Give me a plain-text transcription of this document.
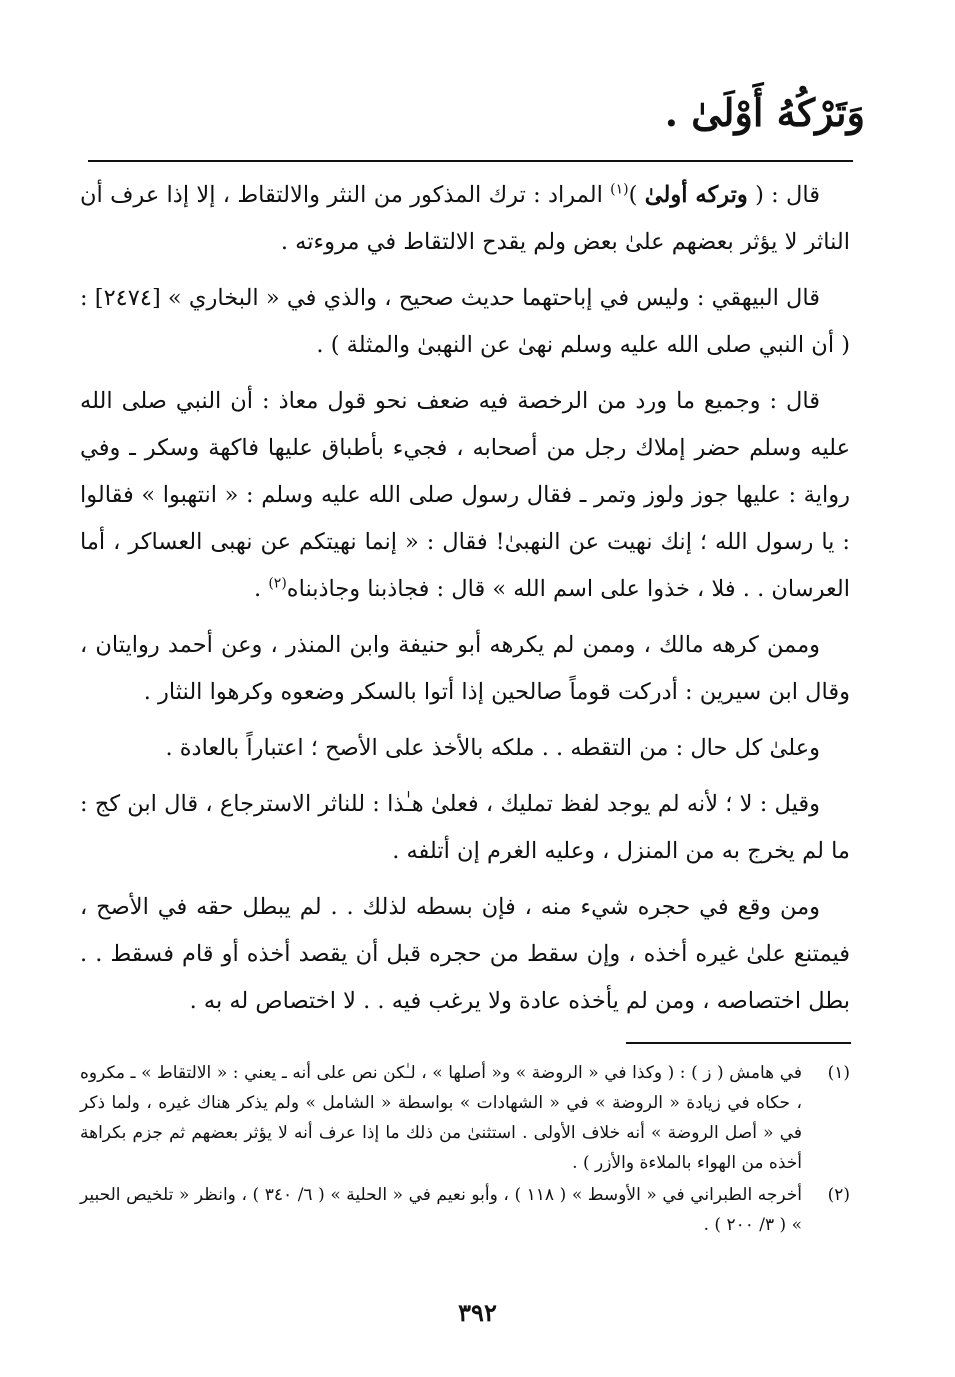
وَتَرْكُهُ أَوْلَىٰ .

قال : ( وتركه أولىٰ )$^{(١)}$ المراد : ترك المذكور من النثر والالتقاط ، إلا إذا عرف أن الناثر لا يؤثر بعضهم علىٰ بعض ولم يقدح الالتقاط في مروءته .

قال البيهقي : وليس في إباحتهما حديث صحيح ، والذي في « البخاري » [٢٤٧٤] : ( أن النبي صلى الله عليه وسلم نهىٰ عن النهبىٰ والمثلة ) .

قال : وجميع ما ورد من الرخصة فيه ضعف نحو قول معاذ : أن النبي صلى الله عليه وسلم حضر إملاك رجل من أصحابه ، فجيء بأطباق عليها فاكهة وسكر ـ وفي رواية : عليها جوز ولوز وتمر ـ فقال رسول صلى الله عليه وسلم : « انتهبوا » فقالوا : يا رسول الله ؛ إنك نهيت عن النهبىٰ! فقال : « إنما نهيتكم عن نهبى العساكر ، أما العرسان . . فلا ، خذوا على اسم الله » قال : فجاذبنا وجاذبناه$^{(٢)}$ .

وممن كرهه مالك ، وممن لم يكرهه أبو حنيفة وابن المنذر ، وعن أحمد روايتان ، وقال ابن سيرين : أدركت قوماً صالحين إذا أتوا بالسكر وضعوه وكرهوا النثار .

وعلىٰ كل حال : من التقطه . . ملكه بالأخذ على الأصح ؛ اعتباراً بالعادة .

وقيل : لا ؛ لأنه لم يوجد لفظ تمليك ، فعلىٰ هـٰذا : للناثر الاسترجاع ، قال ابن كج : ما لم يخرج به من المنزل ، وعليه الغرم إن أتلفه .

ومن وقع في حجره شيء منه ، فإن بسطه لذلك . . لم يبطل حقه في الأصح ، فيمتنع علىٰ غيره أخذه ، وإن سقط من حجره قبل أن يقصد أخذه أو قام فسقط . . بطل اختصاصه ، ومن لم يأخذه عادة ولا يرغب فيه . . لا اختصاص له به .

(١)
في هامش ( ز ) : ( وكذا في « الروضة » و« أصلها » ، لـٰكن نص على أنه ـ يعني : « الالتقاط » ـ مكروه ، حكاه في زيادة « الروضة » في « الشهادات » بواسطة « الشامل » ولم يذكر هناك غيره ، ولما ذكر في « أصل الروضة » أنه خلاف الأولى . استثنىٰ من ذلك ما إذا عرف أنه لا يؤثر بعضهم ثم جزم بكراهة أخذه من الهواء بالملاءة والأزر ) .
(٢)
أخرجه الطبراني في « الأوسط » ( ١١٨ ) ، وأبو نعيم في « الحلية » ( ٦/ ٣٤٠ ) ، وانظر « تلخيص الحبير » ( ٣/ ٢٠٠ ) .
٣٩٢
